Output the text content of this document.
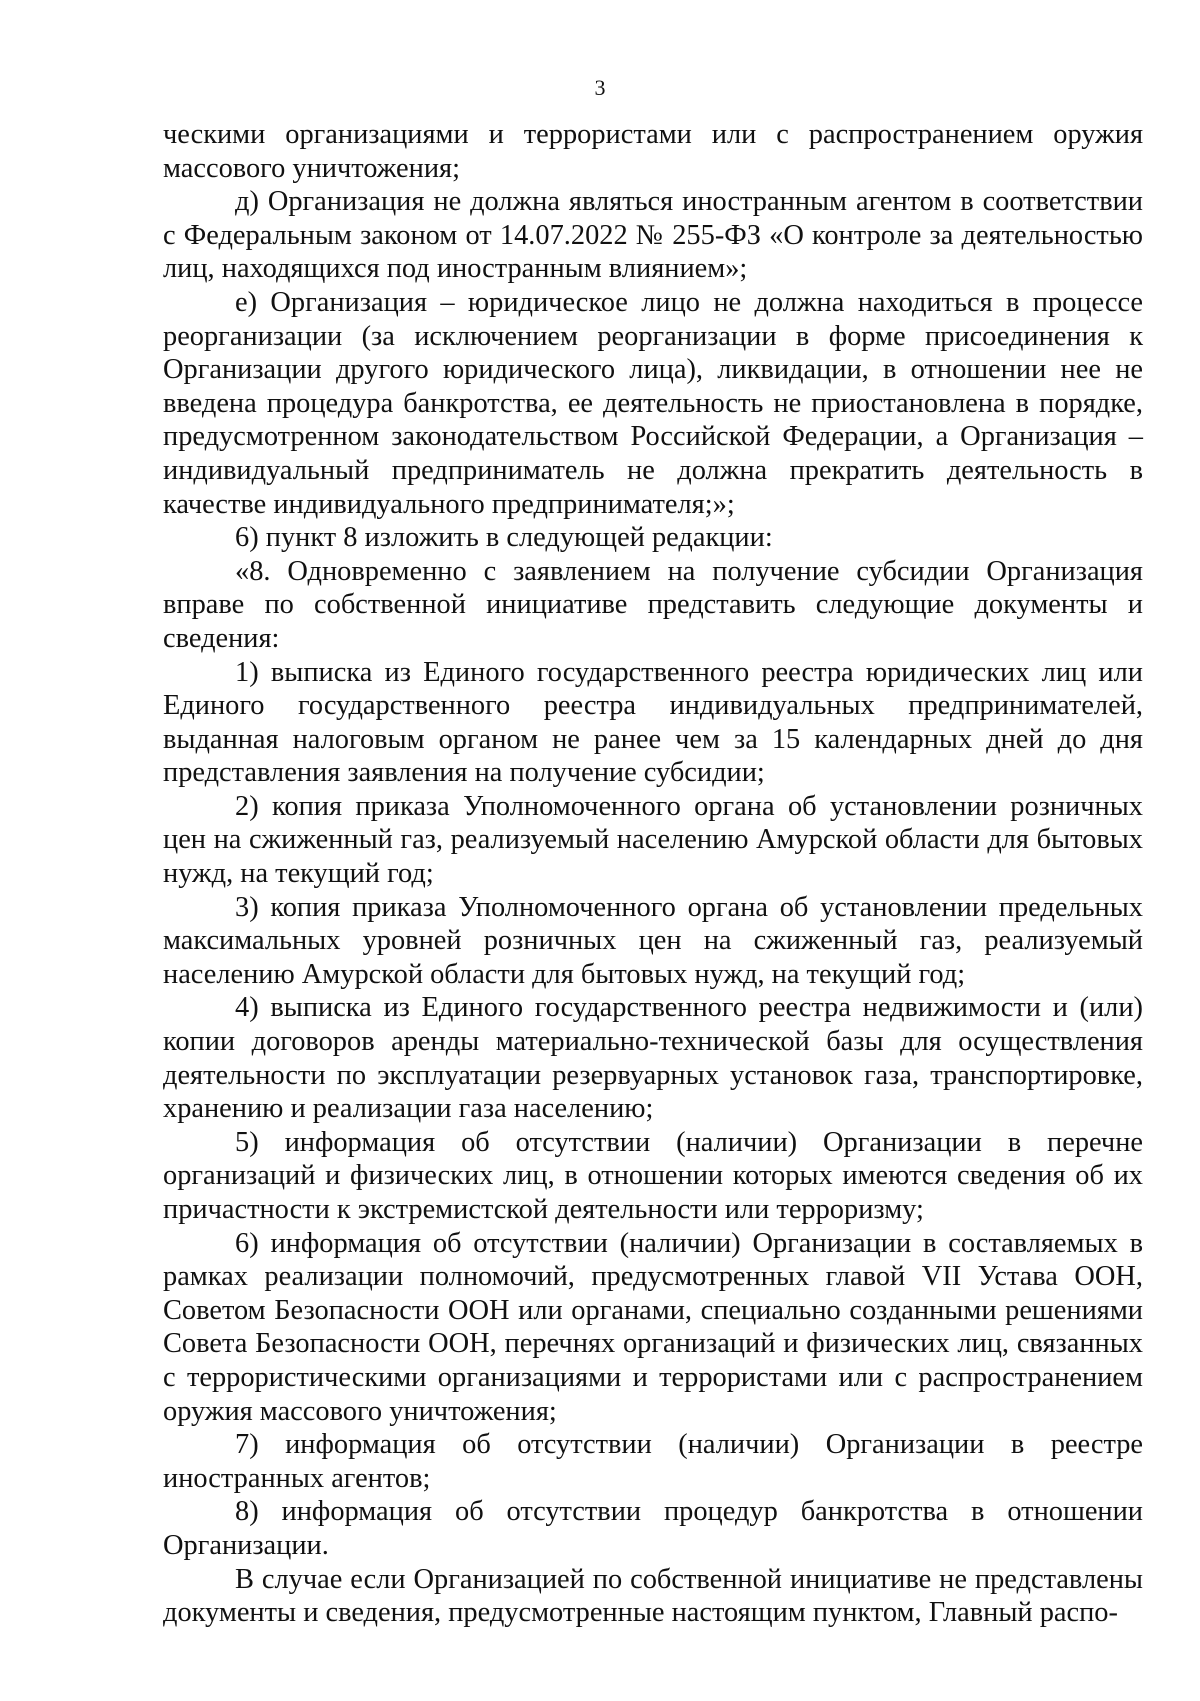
3

ческими организациями и террористами или с распространением оружия массового уничтожения;

д) Организация не должна являться иностранным агентом в соответствии с Федеральным законом от 14.07.2022 № 255-ФЗ «О контроле за деятельностью лиц, находящихся под иностранным влиянием»;

е) Организация – юридическое лицо не должна находиться в процессе реорганизации (за исключением реорганизации в форме присоединения к Организации другого юридического лица), ликвидации, в отношении нее не введена процедура банкротства, ее деятельность не приостановлена в порядке, предусмотренном законодательством Российской Федерации, а Организация – индивидуальный предприниматель не должна прекратить деятельность в качестве индивидуального предпринимателя;»;

6) пункт 8 изложить в следующей редакции:

«8. Одновременно с заявлением на получение субсидии Организация вправе по собственной инициативе представить следующие документы и сведения:

1) выписка из Единого государственного реестра юридических лиц или Единого государственного реестра индивидуальных предпринимателей, выданная налоговым органом не ранее чем за 15 календарных дней до дня представления заявления на получение субсидии;

2) копия приказа Уполномоченного органа об установлении розничных цен на сжиженный газ, реализуемый населению Амурской области для бытовых нужд, на текущий год;

3) копия приказа Уполномоченного органа об установлении предельных максимальных уровней розничных цен на сжиженный газ, реализуемый населению Амурской области для бытовых нужд, на текущий год;

4) выписка из Единого государственного реестра недвижимости и (или) копии договоров аренды материально-технической базы для осуществления деятельности по эксплуатации резервуарных установок газа, транспортировке, хранению и реализации газа населению;

5) информация об отсутствии (наличии) Организации в перечне организаций и физических лиц, в отношении которых имеются сведения об их причастности к экстремистской деятельности или терроризму;

6) информация об отсутствии (наличии) Организации в составляемых в рамках реализации полномочий, предусмотренных главой VII Устава ООН, Советом Безопасности ООН или органами, специально созданными решениями Совета Безопасности ООН, перечнях организаций и физических лиц, связанных с террористическими организациями и террористами или с распространением оружия массового уничтожения;

7) информация об отсутствии (наличии) Организации в реестре иностранных агентов;

8) информация об отсутствии процедур банкротства в отношении Организации.

В случае если Организацией по собственной инициативе не представлены документы и сведения, предусмотренные настоящим пунктом, Главный распо-
